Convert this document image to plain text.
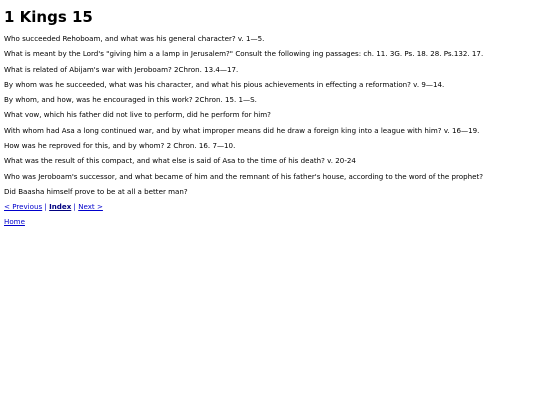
1 Kings 15

Who succeeded Rehoboam, and what was his general character? v. 1—5.

What is meant by the Lord's "giving him a a lamp in Jerusalem?" Consult the following ing passages: ch. 11. 3G. Ps. 18. 28. Ps.132. 17.

What is related of Abijam's war with Jeroboam? 2Chron. 13.4—17.

By whom was he succeeded, what was his character, and what his pious achievements in effecting a reformation? v. 9—14.

By whom, and how, was he encouraged in this work? 2Chron. 15. 1—S.

What vow, which his father did not live to perform, did he perform for him?

With whom had Asa a long continued war, and by what improper means did he draw a foreign king into a league with him? v. 16—19.

How was he reproved for this, and by whom? 2 Chron. 16. 7—10.

What was the result of this compact, and what else is said of Asa to the time of his death? v. 20-24

Who was Jeroboam's successor, and what became of him and the remnant of his father's house, according to the word of the prophet?

Did Baasha himself prove to be at all a better man?

< Previous | Index | Next >
Home
